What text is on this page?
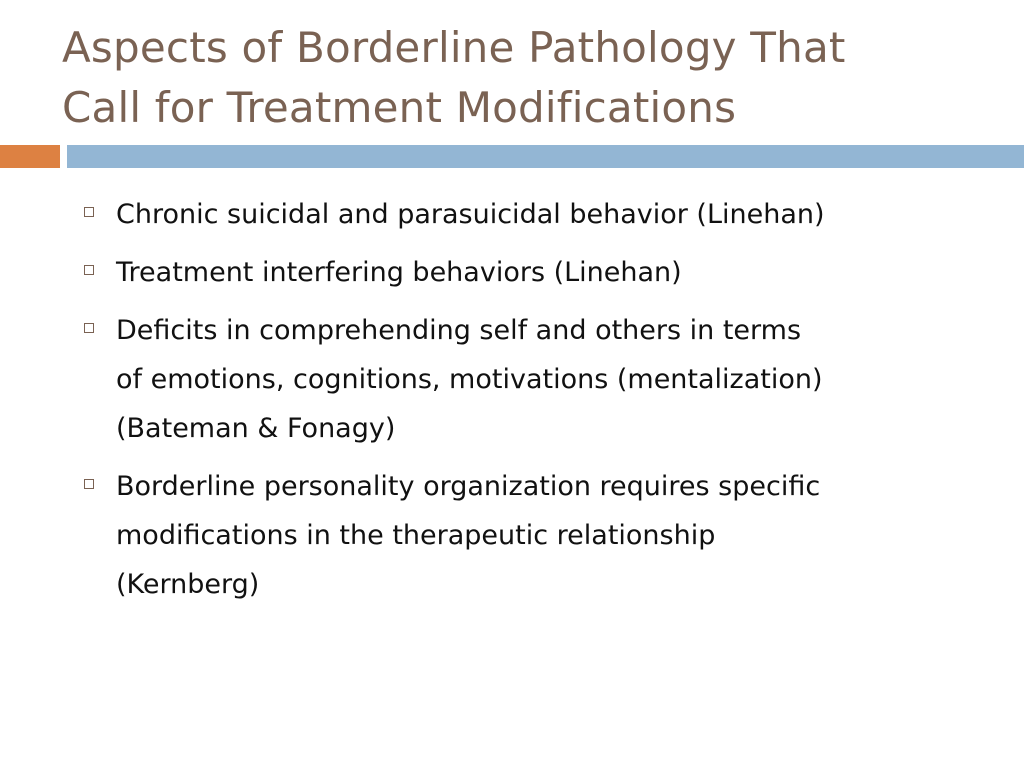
Aspects of Borderline Pathology That
Call for Treatment Modifications
Chronic suicidal and parasuicidal behavior (Linehan)
Treatment interfering behaviors (Linehan)
Deficits in comprehending self and others in terms
of emotions, cognitions, motivations (mentalization)
(Bateman & Fonagy)
Borderline personality organization requires specific
modifications in the therapeutic relationship
(Kernberg)
